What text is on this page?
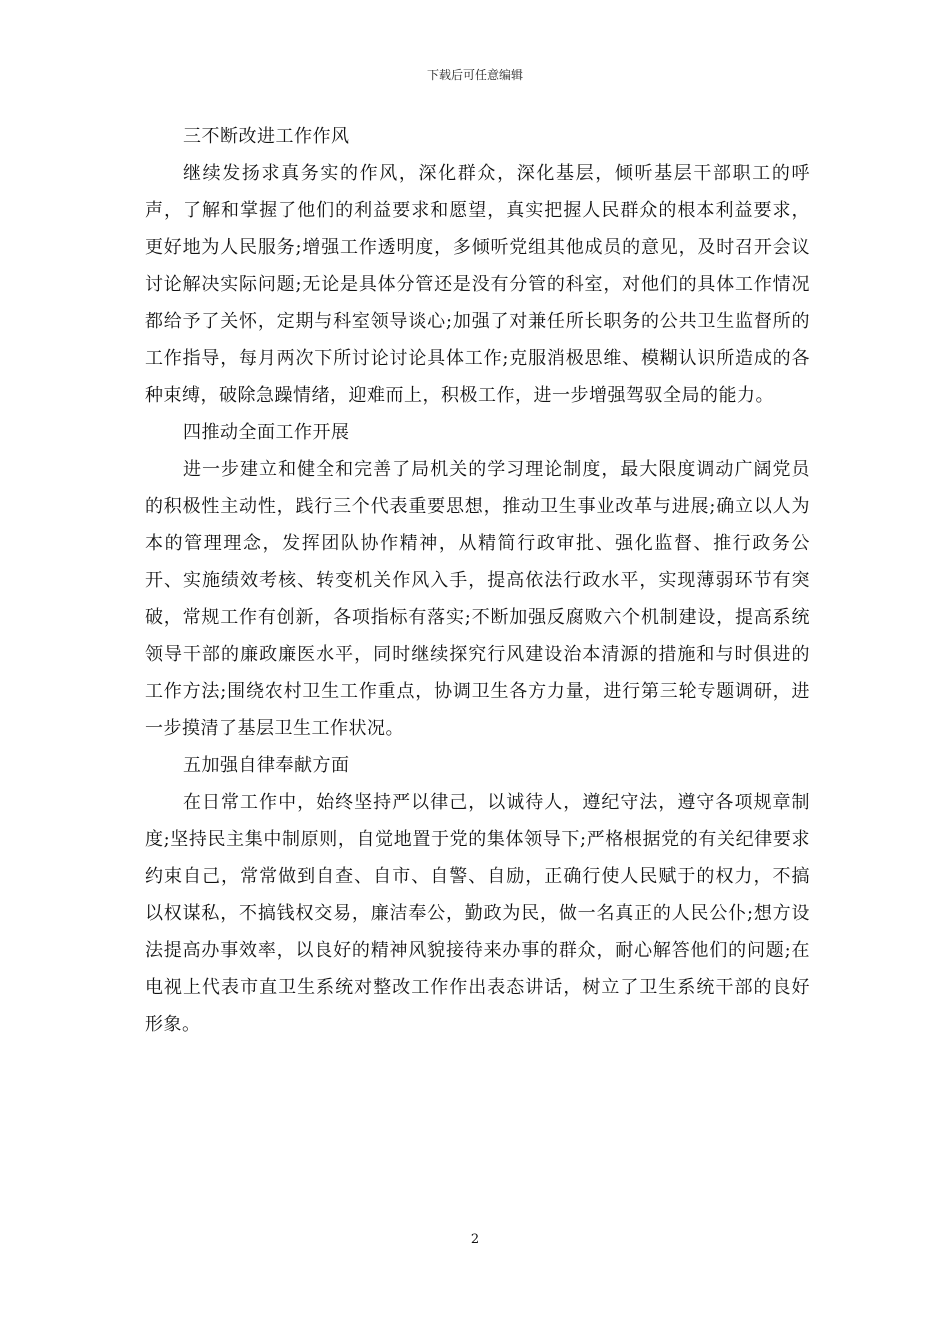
下载后可任意编辑
三不断改进工作作风

继续发扬求真务实的作风，深化群众，深化基层，倾听基层干部职工的呼声，了解和掌握了他们的利益要求和愿望，真实把握人民群众的根本利益要求，更好地为人民服务;增强工作透明度，多倾听党组其他成员的意见，及时召开会议讨论解决实际问题;无论是具体分管还是没有分管的科室，对他们的具体工作情况都给予了关怀，定期与科室领导谈心;加强了对兼任所长职务的公共卫生监督所的工作指导，每月两次下所讨论讨论具体工作;克服消极思维、模糊认识所造成的各种束缚，破除急躁情绪，迎难而上，积极工作，进一步增强驾驭全局的能力。

四推动全面工作开展

进一步建立和健全和完善了局机关的学习理论制度，最大限度调动广阔党员的积极性主动性，践行三个代表重要思想，推动卫生事业改革与进展;确立以人为本的管理理念，发挥团队协作精神，从精简行政审批、强化监督、推行政务公开、实施绩效考核、转变机关作风入手，提高依法行政水平，实现薄弱环节有突破，常规工作有创新，各项指标有落实;不断加强反腐败六个机制建设，提高系统领导干部的廉政廉医水平，同时继续探究行风建设治本清源的措施和与时俱进的工作方法;围绕农村卫生工作重点，协调卫生各方力量，进行第三轮专题调研，进一步摸清了基层卫生工作状况。

五加强自律奉献方面

在日常工作中，始终坚持严以律己，以诚待人，遵纪守法，遵守各项规章制度;坚持民主集中制原则，自觉地置于党的集体领导下;严格根据党的有关纪律要求约束自己，常常做到自查、自市、自警、自励，正确行使人民赋于的权力，不搞以权谋私，不搞钱权交易，廉洁奉公，勤政为民，做一名真正的人民公仆;想方设法提高办事效率，以良好的精神风貌接待来办事的群众，耐心解答他们的问题;在电视上代表市直卫生系统对整改工作作出表态讲话，树立了卫生系统干部的良好形象。

2
